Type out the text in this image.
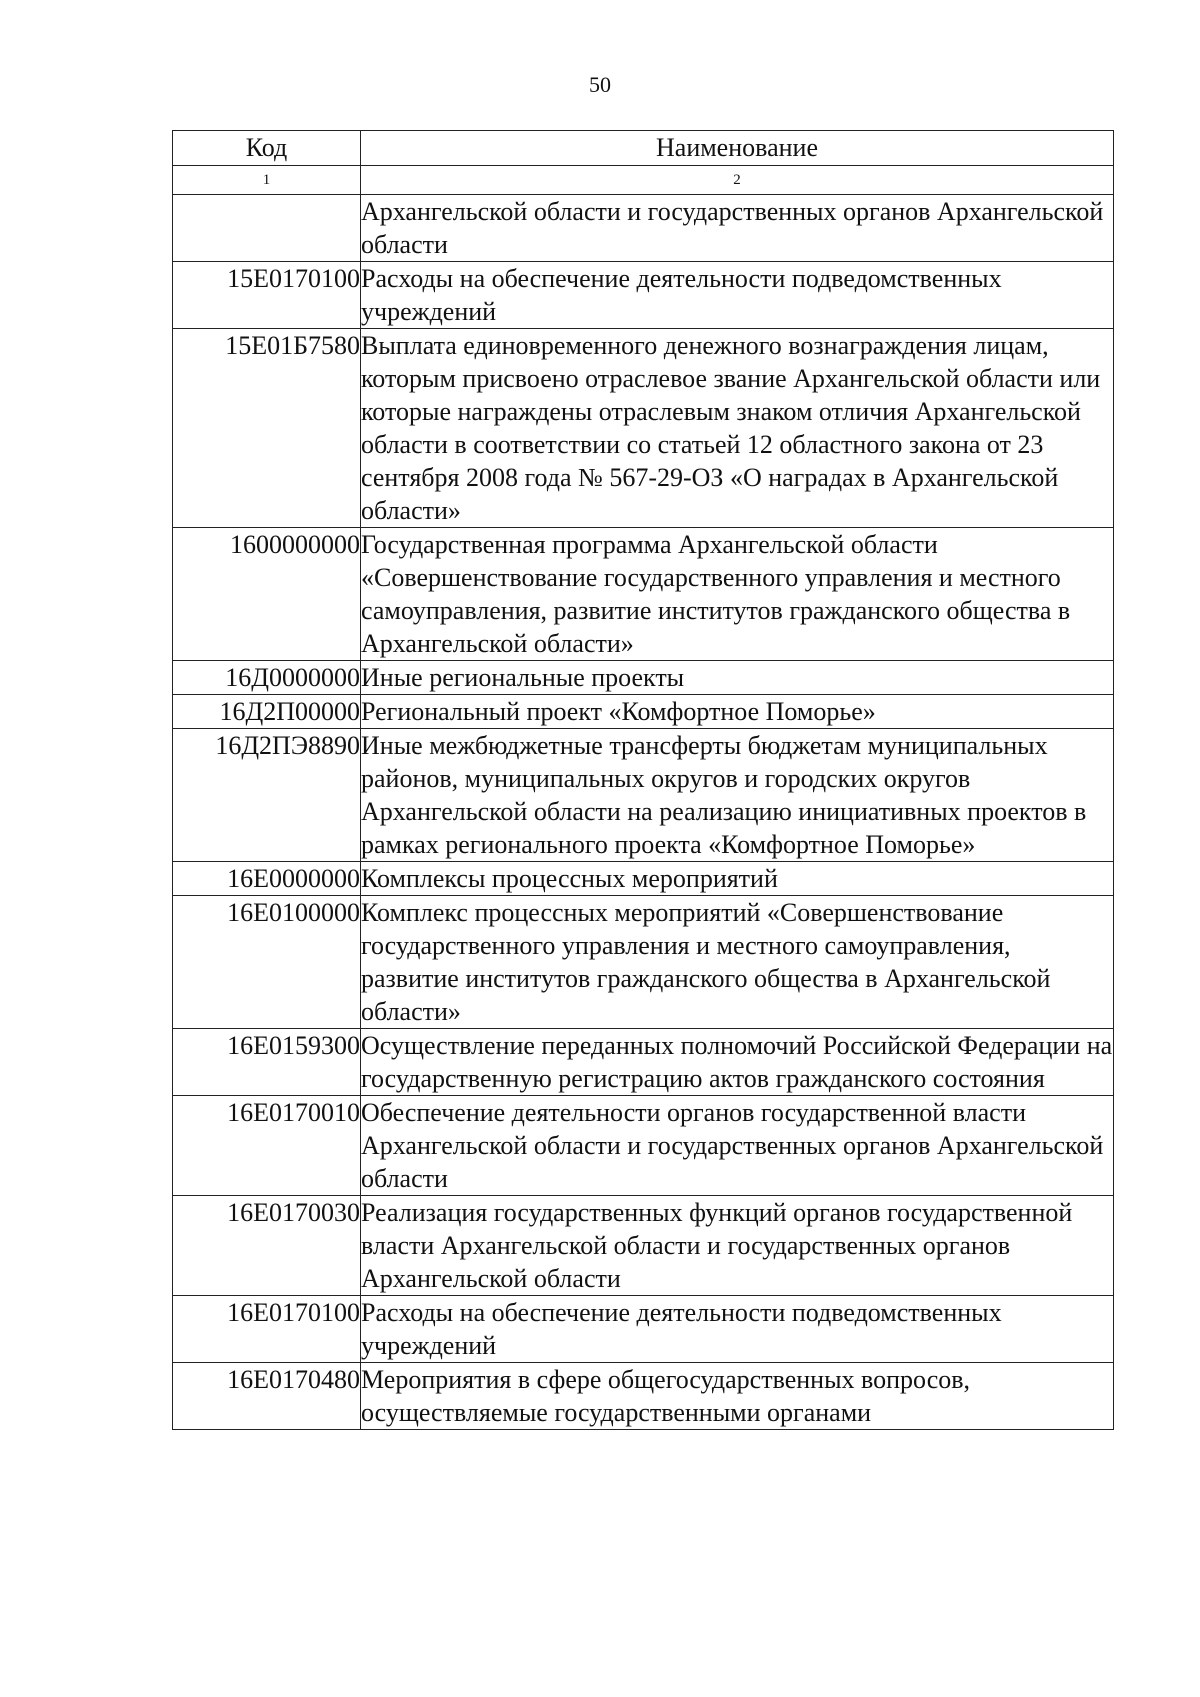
50
Код	Наименование
1	2
	Архангельской области и государственных органов Архангельской области
15Е0170100	Расходы на обеспечение деятельности подведомственных учреждений
15Е01Б7580	Выплата единовременного денежного вознаграждения лицам, которым присвоено отраслевое звание Архангельской области или которые награждены отраслевым знаком отличия Архангельской области в соответствии со статьей 12 областного закона от 23 сентября 2008 года № 567-29-ОЗ «О наградах в Архангельской области»
1600000000	Государственная программа Архангельской области «Совершенствование государственного управления и местного самоуправления, развитие институтов гражданского общества в Архангельской области»
16Д0000000	Иные региональные проекты
16Д2П00000	Региональный проект «Комфортное Поморье»
16Д2ПЭ8890	Иные межбюджетные трансферты бюджетам муниципальных районов, муниципальных округов и городских округов Архангельской области на реализацию инициативных проектов в рамках регионального проекта «Комфортное Поморье»
16Е0000000	Комплексы процессных мероприятий
16Е0100000	Комплекс процессных мероприятий «Совершенствование государственного управления и местного самоуправления, развитие институтов гражданского общества в Архангельской области»
16Е0159300	Осуществление переданных полномочий Российской Федерации на государственную регистрацию актов гражданского состояния
16Е0170010	Обеспечение деятельности органов государственной власти Архангельской области и государственных органов Архангельской области
16Е0170030	Реализация государственных функций органов государственной власти Архангельской области и государственных органов Архангельской области
16Е0170100	Расходы на обеспечение деятельности подведомственных учреждений
16Е0170480	Мероприятия в сфере общегосударственных вопросов, осуществляемые государственными органами
